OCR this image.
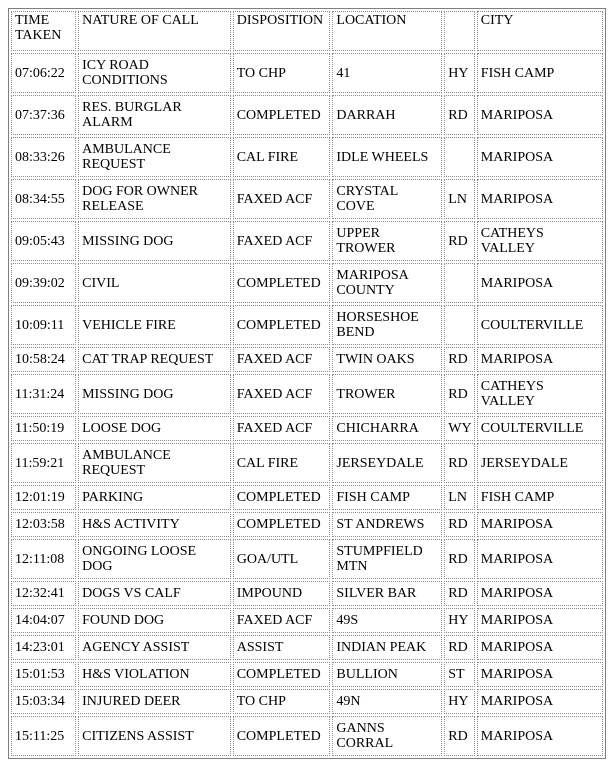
TIME TAKEN	NATURE OF CALL	DISPOSITION	LOCATION		CITY
07:06:22	ICY ROAD CONDITIONS	TO CHP	41	HY	FISH CAMP
07:37:36	RES. BURGLAR ALARM	COMPLETED	DARRAH	RD	MARIPOSA
08:33:26	AMBULANCE REQUEST	CAL FIRE	IDLE WHEELS		MARIPOSA
08:34:55	DOG FOR OWNER RELEASE	FAXED ACF	CRYSTAL COVE	LN	MARIPOSA
09:05:43	MISSING DOG	FAXED ACF	UPPER TROWER	RD	CATHEYS VALLEY
09:39:02	CIVIL	COMPLETED	MARIPOSA COUNTY		MARIPOSA
10:09:11	VEHICLE FIRE	COMPLETED	HORSESHOE BEND		COULTERVILLE
10:58:24	CAT TRAP REQUEST	FAXED ACF	TWIN OAKS	RD	MARIPOSA
11:31:24	MISSING DOG	FAXED ACF	TROWER	RD	CATHEYS VALLEY
11:50:19	LOOSE DOG	FAXED ACF	CHICHARRA	WY	COULTERVILLE
11:59:21	AMBULANCE REQUEST	CAL FIRE	JERSEYDALE	RD	JERSEYDALE
12:01:19	PARKING	COMPLETED	FISH CAMP	LN	FISH CAMP
12:03:58	H&S ACTIVITY	COMPLETED	ST ANDREWS	RD	MARIPOSA
12:11:08	ONGOING LOOSE DOG	GOA/UTL	STUMPFIELD MTN	RD	MARIPOSA
12:32:41	DOGS VS CALF	IMPOUND	SILVER BAR	RD	MARIPOSA
14:04:07	FOUND DOG	FAXED ACF	49S	HY	MARIPOSA
14:23:01	AGENCY ASSIST	ASSIST	INDIAN PEAK	RD	MARIPOSA
15:01:53	H&S VIOLATION	COMPLETED	BULLION	ST	MARIPOSA
15:03:34	INJURED DEER	TO CHP	49N	HY	MARIPOSA
15:11:25	CITIZENS ASSIST	COMPLETED	GANNS CORRAL	RD	MARIPOSA
